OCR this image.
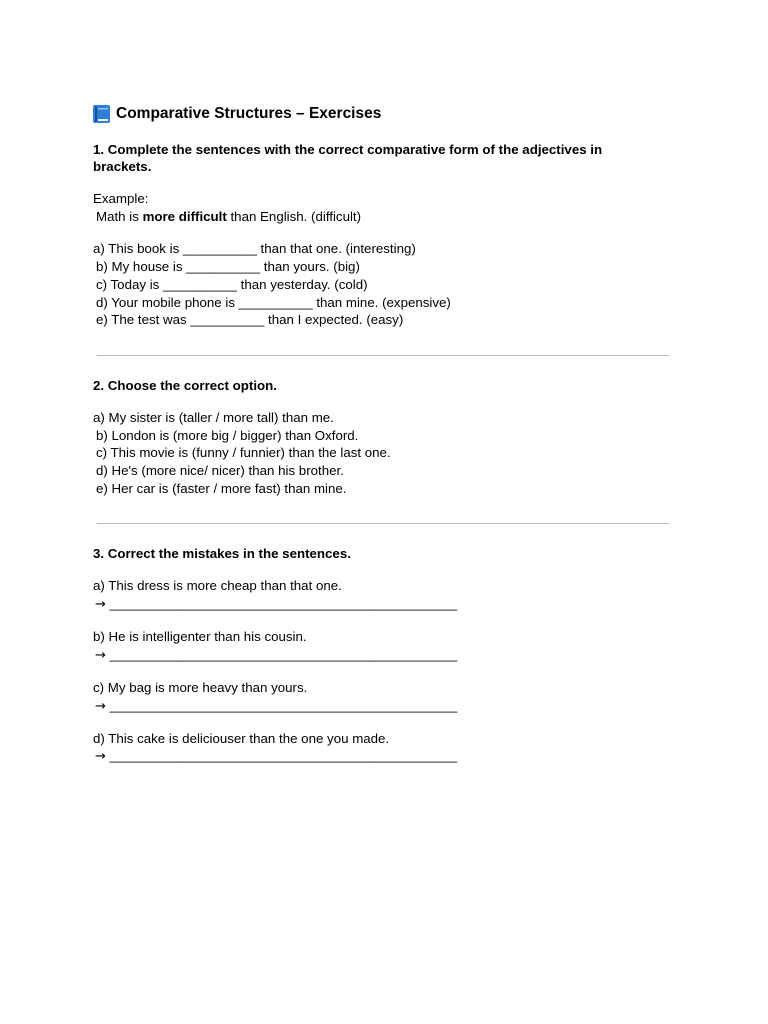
Comparative Structures – Exercises
1. Complete the sentences with the correct comparative form of the adjectives in brackets.
Example:
Math is more difficult than English. (difficult)
a) This book is __________ than that one. (interesting)
b) My house is __________ than yours. (big)
c) Today is __________ than yesterday. (cold)
d) Your mobile phone is __________ than mine. (expensive)
e) The test was __________ than I expected. (easy)
2. Choose the correct option.
a) My sister is (taller / more tall) than me.
b) London is (more big / bigger) than Oxford.
c) This movie is (funny / funnier) than the last one.
d) He's (more nice/ nicer) than his brother.
e) Her car is (faster / more fast) than mine.
3. Correct the mistakes in the sentences.
a) This dress is more cheap than that one.
→ _______________________________________________
b) He is intelligenter than his cousin.
→ _______________________________________________
c) My bag is more heavy than yours.
→ _______________________________________________
d) This cake is deliciouser than the one you made.
→ _______________________________________________
